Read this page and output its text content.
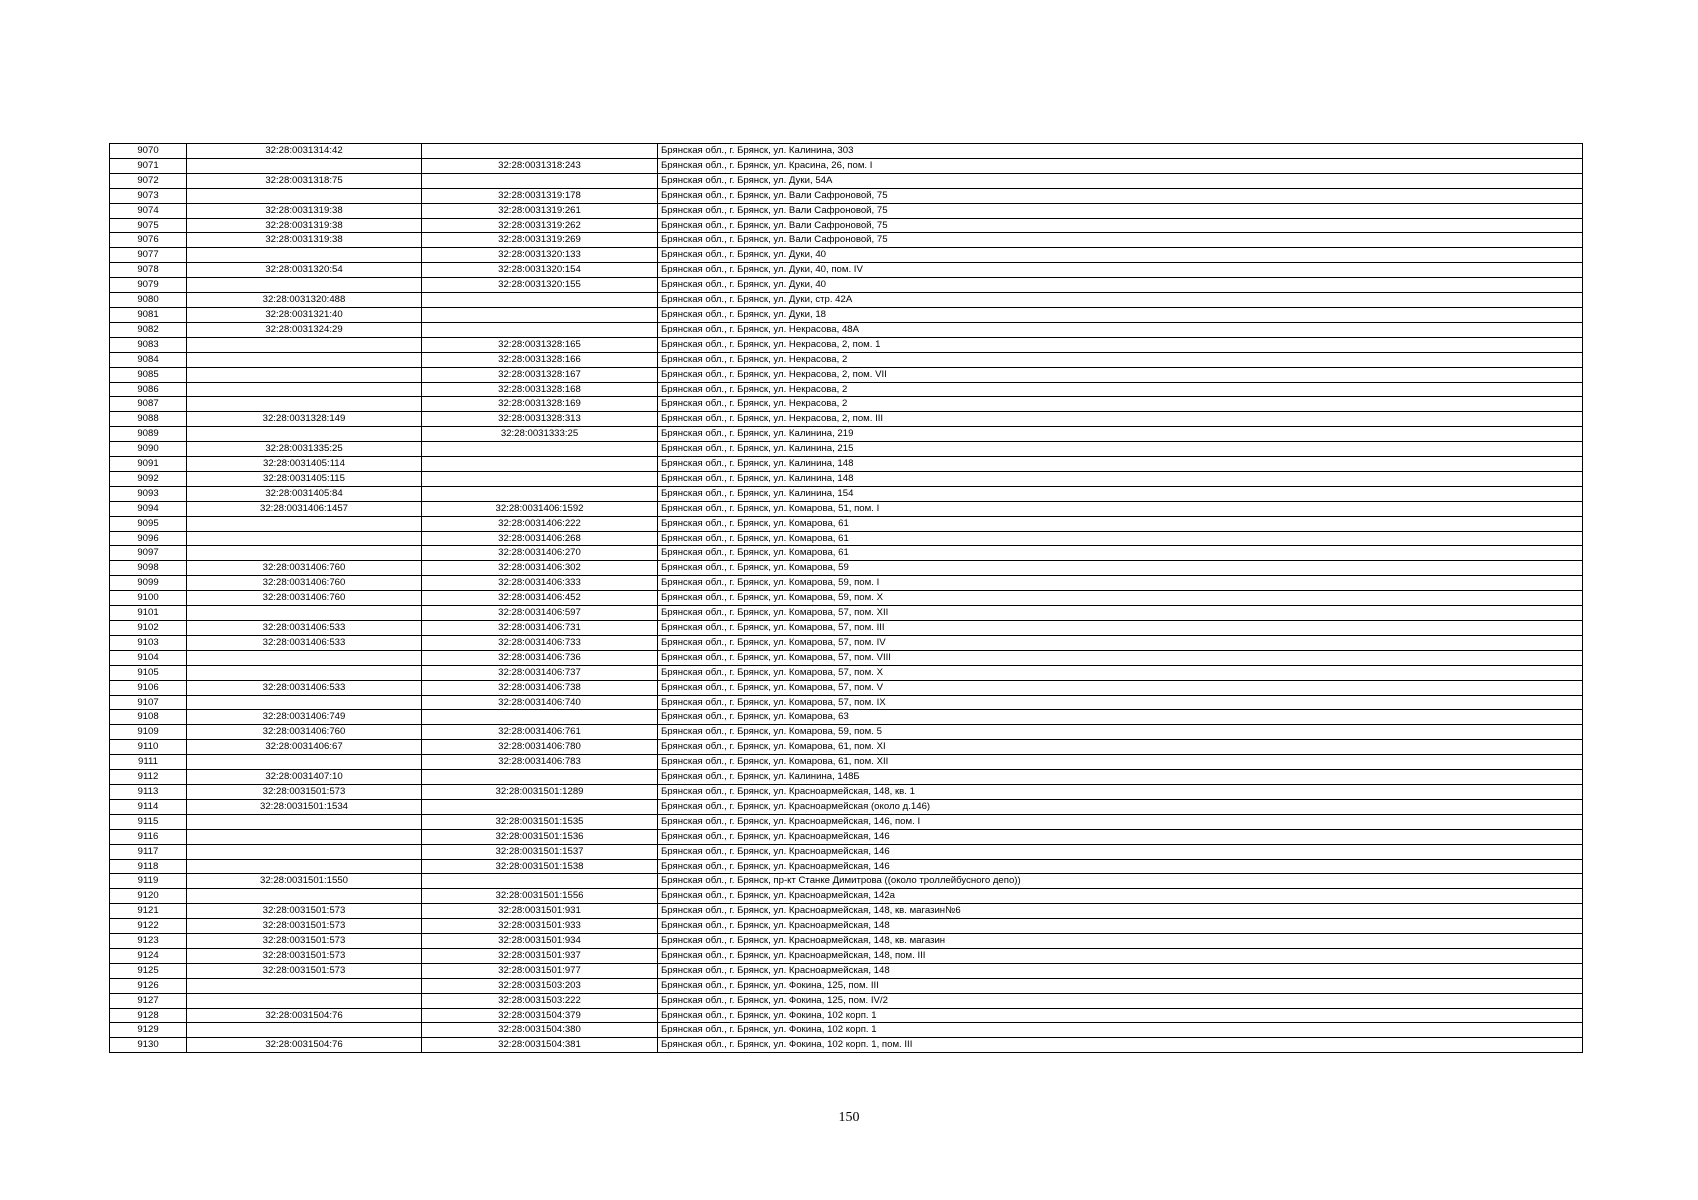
9070	32:28:0031314:42		Брянская обл., г. Брянск, ул. Калинина, 303
9071		32:28:0031318:243	Брянская обл., г. Брянск, ул. Красина, 26, пом. I
9072	32:28:0031318:75		Брянская обл., г. Брянск, ул. Дуки, 54А
9073		32:28:0031319:178	Брянская обл., г. Брянск, ул. Вали Сафроновой, 75
9074	32:28:0031319:38	32:28:0031319:261	Брянская обл., г. Брянск, ул. Вали Сафроновой, 75
9075	32:28:0031319:38	32:28:0031319:262	Брянская обл., г. Брянск, ул. Вали Сафроновой, 75
9076	32:28:0031319:38	32:28:0031319:269	Брянская обл., г. Брянск, ул. Вали Сафроновой, 75
9077		32:28:0031320:133	Брянская обл., г. Брянск, ул. Дуки, 40
9078	32:28:0031320:54	32:28:0031320:154	Брянская обл., г. Брянск, ул. Дуки, 40, пом. IV
9079		32:28:0031320:155	Брянская обл., г. Брянск, ул. Дуки, 40
9080	32:28:0031320:488		Брянская обл., г. Брянск, ул. Дуки, стр. 42А
9081	32:28:0031321:40		Брянская обл., г. Брянск, ул. Дуки, 18
9082	32:28:0031324:29		Брянская обл., г. Брянск, ул. Некрасова, 48А
9083		32:28:0031328:165	Брянская обл., г. Брянск, ул. Некрасова, 2, пом. 1
9084		32:28:0031328:166	Брянская обл., г. Брянск, ул. Некрасова, 2
9085		32:28:0031328:167	Брянская обл., г. Брянск, ул. Некрасова, 2, пом. VII
9086		32:28:0031328:168	Брянская обл., г. Брянск, ул. Некрасова, 2
9087		32:28:0031328:169	Брянская обл., г. Брянск, ул. Некрасова, 2
9088	32:28:0031328:149	32:28:0031328:313	Брянская обл., г. Брянск, ул. Некрасова, 2, пом. III
9089		32:28:0031333:25	Брянская обл., г. Брянск, ул. Калинина, 219
9090	32:28:0031335:25		Брянская обл., г. Брянск, ул. Калинина, 215
9091	32:28:0031405:114		Брянская обл., г. Брянск, ул. Калинина, 148
9092	32:28:0031405:115		Брянская обл., г. Брянск, ул. Калинина, 148
9093	32:28:0031405:84		Брянская обл., г. Брянск, ул. Калинина, 154
9094	32:28:0031406:1457	32:28:0031406:1592	Брянская обл., г. Брянск, ул. Комарова, 51, пом. I
9095		32:28:0031406:222	Брянская обл., г. Брянск, ул. Комарова, 61
9096		32:28:0031406:268	Брянская обл., г. Брянск, ул. Комарова, 61
9097		32:28:0031406:270	Брянская обл., г. Брянск, ул. Комарова, 61
9098	32:28:0031406:760	32:28:0031406:302	Брянская обл., г. Брянск, ул. Комарова, 59
9099	32:28:0031406:760	32:28:0031406:333	Брянская обл., г. Брянск, ул. Комарова, 59, пом. I
9100	32:28:0031406:760	32:28:0031406:452	Брянская обл., г. Брянск, ул. Комарова, 59, пом. X
9101		32:28:0031406:597	Брянская обл., г. Брянск, ул. Комарова, 57, пом. XII
9102	32:28:0031406:533	32:28:0031406:731	Брянская обл., г. Брянск, ул. Комарова, 57, пом. III
9103	32:28:0031406:533	32:28:0031406:733	Брянская обл., г. Брянск, ул. Комарова, 57, пом. IV
9104		32:28:0031406:736	Брянская обл., г. Брянск, ул. Комарова, 57, пом. VIII
9105		32:28:0031406:737	Брянская обл., г. Брянск, ул. Комарова, 57, пом. X
9106	32:28:0031406:533	32:28:0031406:738	Брянская обл., г. Брянск, ул. Комарова, 57, пом. V
9107		32:28:0031406:740	Брянская обл., г. Брянск, ул. Комарова, 57, пом. IX
9108	32:28:0031406:749		Брянская обл., г. Брянск, ул. Комарова, 63
9109	32:28:0031406:760	32:28:0031406:761	Брянская обл., г. Брянск, ул. Комарова, 59, пом. 5
9110	32:28:0031406:67	32:28:0031406:780	Брянская обл., г. Брянск, ул. Комарова, 61, пом. XI
9111		32:28:0031406:783	Брянская обл., г. Брянск, ул. Комарова, 61, пом. XII
9112	32:28:0031407:10		Брянская обл., г. Брянск, ул. Калинина, 148Б
9113	32:28:0031501:573	32:28:0031501:1289	Брянская обл., г. Брянск, ул. Красноармейская, 148, кв. 1
9114	32:28:0031501:1534		Брянская обл., г. Брянск, ул. Красноармейская (около д.146)
9115		32:28:0031501:1535	Брянская обл., г. Брянск, ул. Красноармейская, 146, пом. I
9116		32:28:0031501:1536	Брянская обл., г. Брянск, ул. Красноармейская, 146
9117		32:28:0031501:1537	Брянская обл., г. Брянск, ул. Красноармейская, 146
9118		32:28:0031501:1538	Брянская обл., г. Брянск, ул. Красноармейская, 146
9119	32:28:0031501:1550		Брянская обл., г. Брянск, пр-кт Станке Димитрова ((около троллейбусного депо))
9120		32:28:0031501:1556	Брянская обл., г. Брянск, ул. Красноармейская, 142а
9121	32:28:0031501:573	32:28:0031501:931	Брянская обл., г. Брянск, ул. Красноармейская, 148, кв. магазин№6
9122	32:28:0031501:573	32:28:0031501:933	Брянская обл., г. Брянск, ул. Красноармейская, 148
9123	32:28:0031501:573	32:28:0031501:934	Брянская обл., г. Брянск, ул. Красноармейская, 148, кв. магазин
9124	32:28:0031501:573	32:28:0031501:937	Брянская обл., г. Брянск, ул. Красноармейская, 148, пом. III
9125	32:28:0031501:573	32:28:0031501:977	Брянская обл., г. Брянск, ул. Красноармейская, 148
9126		32:28:0031503:203	Брянская обл., г. Брянск, ул. Фокина, 125, пом. III
9127		32:28:0031503:222	Брянская обл., г. Брянск, ул. Фокина, 125, пом. IV/2
9128	32:28:0031504:76	32:28:0031504:379	Брянская обл., г. Брянск, ул. Фокина, 102 корп. 1
9129		32:28:0031504:380	Брянская обл., г. Брянск, ул. Фокина, 102 корп. 1
9130	32:28:0031504:76	32:28:0031504:381	Брянская обл., г. Брянск, ул. Фокина, 102 корп. 1, пом. III
150
